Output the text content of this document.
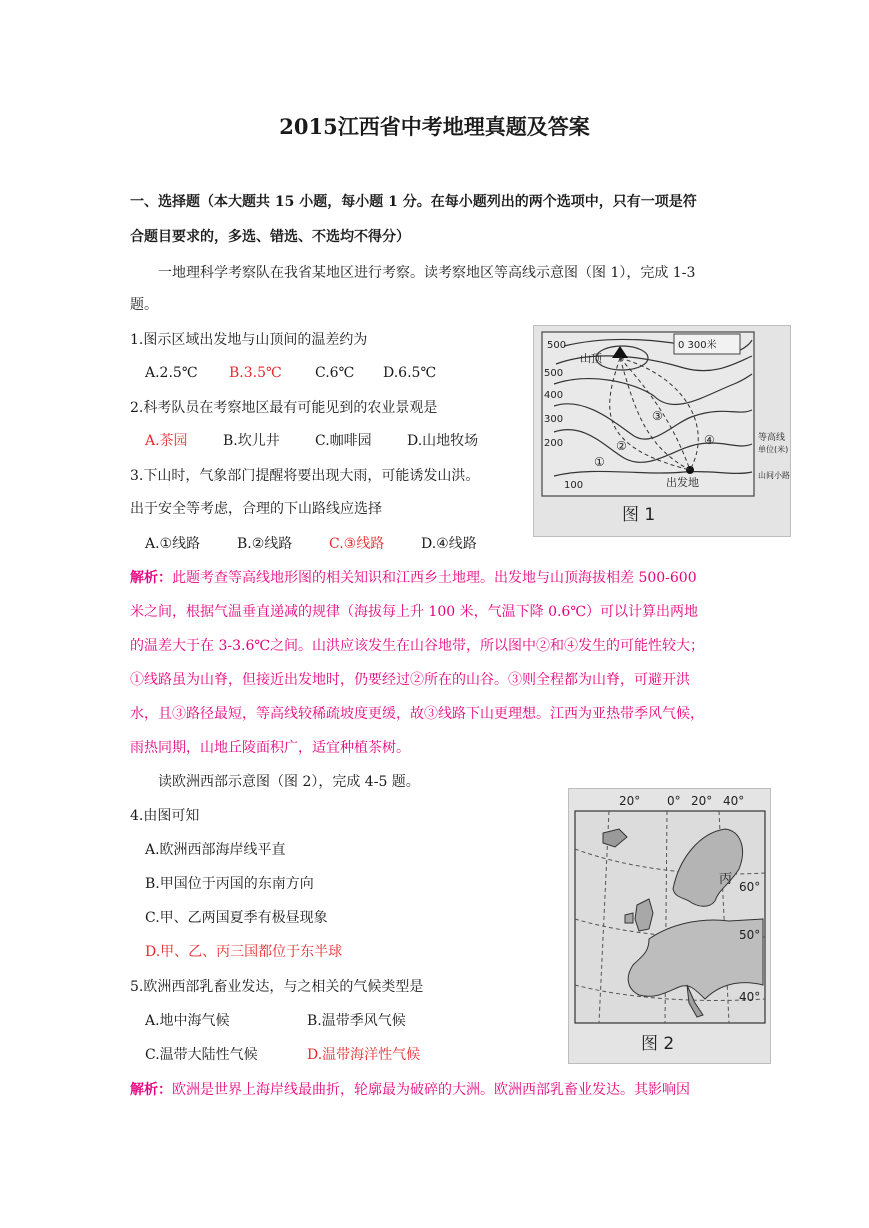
2015江西省中考地理真题及答案
一、选择题（本大题共 15 小题，每小题 1 分。在每小题列出的两个选项中，只有一项是符
合题目要求的，多选、错选、不选均不得分）
一地理科学考察队在我省某地区进行考察。读考察地区等高线示意图（图 1），完成 1-3
题。
1.图示区域出发地与山顶间的温差约为
A.2.5℃ B.3.5℃ C.6℃ D.6.5℃
2.科考队员在考察地区最有可能见到的农业景观是
A.茶园	B.坎儿井	C.咖啡园	D.山地牧场
3.下山时，气象部门提醒将要出现大雨，可能诱发山洪。
出于安全等考虑，合理的下山路线应选择
A.①线路	B.②线路	C.③线路	D.④线路
解析：此题考查等高线地形图的相关知识和江西乡土地理。出发地与山顶海拔相差 500-600
米之间，根据气温垂直递减的规律（海拔每上升 100 米，气温下降 0.6℃）可以计算出两地
的温差大于在 3-3.6℃之间。山洪应该发生在山谷地带，所以图中②和④发生的可能性较大；
①线路虽为山脊，但接近出发地时，仍要经过②所在的山谷。③则全程都为山脊，可避开洪
水，且③路径最短，等高线较稀疏坡度更缓，故③线路下山更理想。江西为亚热带季风气候，
雨热同期，山地丘陵面积广，适宜种植茶树。
读欧洲西部示意图（图 2），完成 4-5 题。
4.由图可知
A.欧洲西部海岸线平直
B.甲国位于丙国的东南方向
C.甲、乙两国夏季有极昼现象
D.甲、乙、丙三国都位于东半球
5.欧洲西部乳畜业发达，与之相关的气候类型是
A.地中海气候	B.温带季风气候
C.温带大陆性气候	D.温带海洋性气候
解析：欧洲是世界上海岸线最曲折，轮廓最为破碎的大洲。欧洲西部乳畜业发达。其影响因
0 300米
500
500
400
300
200
100
山顶
出发地
①
②
③
④	等高线
单位(米)
山间小路
图 1
20° 0° 20° 40°
60°
50°
40°
丙
图 2
